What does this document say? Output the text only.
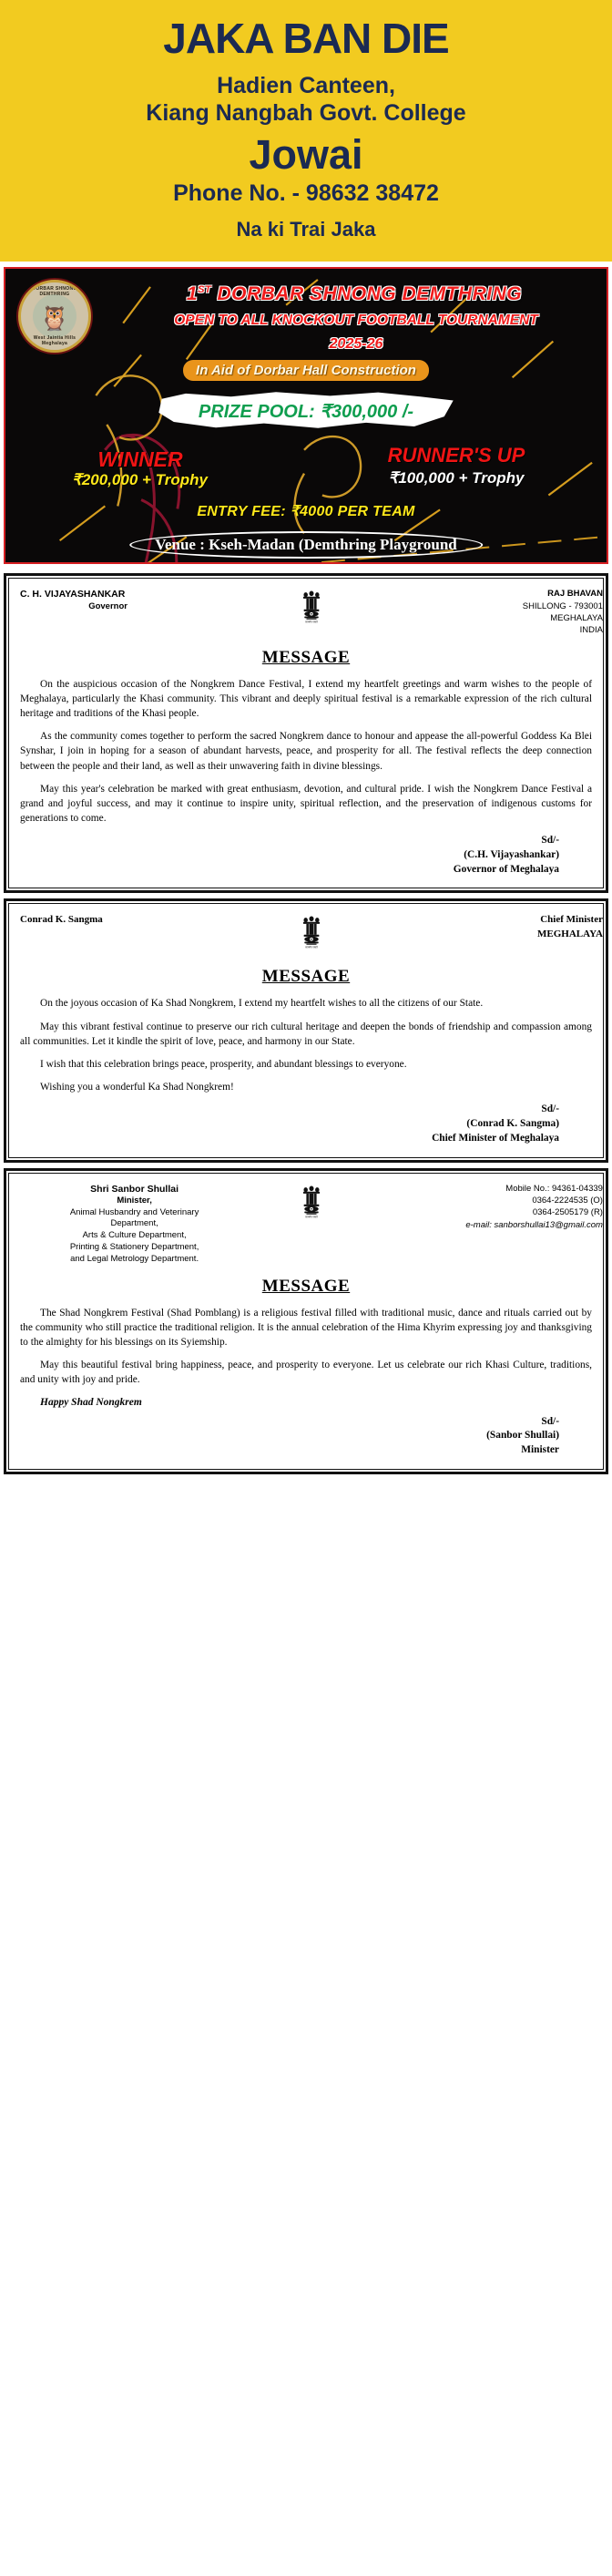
JAKA BAN DIE
Hadien Canteen,
Kiang Nangbah Govt. College
Jowai
Phone No. - 98632 38472
Na ki Trai Jaka
DORBAR SHNONG DEMTHRING
🦉
West Jaintia Hills Meghalaya
1ST DORBAR SHNONG DEMTHRING
OPEN TO ALL KNOCKOUT FOOTBALL TOURNAMENT
2025-26
In Aid of Dorbar Hall Construction
PRIZE POOL: ₹300,000 /-
WINNER
₹200,000 + Trophy
RUNNER'S UP
₹100,000 + Trophy
ENTRY FEE: ₹4000 PER TEAM
Venue : Kseh-Madan (Demthring Playground
C. H. VIJAYASHANKAR
Governor
सत्यमेव जयते
RAJ BHAVAN
SHILLONG - 793001
MEGHALAYA
INDIA
MESSAGE

On the auspicious occasion of the Nongkrem Dance Festival, I extend my heartfelt greetings and warm wishes to the people of Meghalaya, particularly the Khasi community. This vibrant and deeply spiritual festival is a remarkable expression of the rich cultural heritage and traditions of the Khasi people.

As the community comes together to perform the sacred Nongkrem dance to honour and appease the all-powerful Goddess Ka Blei Synshar, I join in hoping for a season of abundant harvests, peace, and prosperity for all. The festival reflects the deep connection between the people and their land, as well as their unwavering faith in divine blessings.

May this year's celebration be marked with great enthusiasm, devotion, and cultural pride. I wish the Nongkrem Dance Festival a grand and joyful success, and may it continue to inspire unity, spiritual reflection, and the preservation of indigenous customs for generations to come.

Sd/-
(C.H. Vijayashankar)
Governor of Meghalaya
Conrad K. Sangma
सत्यमेव जयते
Chief Minister
MEGHALAYA
MESSAGE

On the joyous occasion of Ka Shad Nongkrem, I extend my heartfelt wishes to all the citizens of our State.

May this vibrant festival continue to preserve our rich cultural heritage and deepen the bonds of friendship and compassion among all communities. Let it kindle the spirit of love, peace, and harmony in our State.

I wish that this celebration brings peace, prosperity, and abundant blessings to everyone.

Wishing you a wonderful Ka Shad Nongkrem!

Sd/-
(Conrad K. Sangma)
Chief Minister of Meghalaya
Shri Sanbor Shullai
Minister,
Animal Husbandry and Veterinary
Department,
Arts & Culture Department,
Printing & Stationery Department,
and Legal Metrology Department.
सत्यमेव जयते
Mobile No.: 94361-04339
0364-2224535 (O)
0364-2505179 (R)
e-mail: sanborshullai13@gmail.com
MESSAGE

The Shad Nongkrem Festival (Shad Pomblang) is a religious festival filled with traditional music, dance and rituals carried out by the community who still practice the traditional religion. It is the annual celebration of the Hima Khyrim expressing joy and thanksgiving to the almighty for his blessings on its Syiemship.

May this beautiful festival bring happiness, peace, and prosperity to everyone. Let us celebrate our rich Khasi Culture, traditions, and unity with joy and pride.

Happy Shad Nongkrem
Sd/-
(Sanbor Shullai)
Minister
